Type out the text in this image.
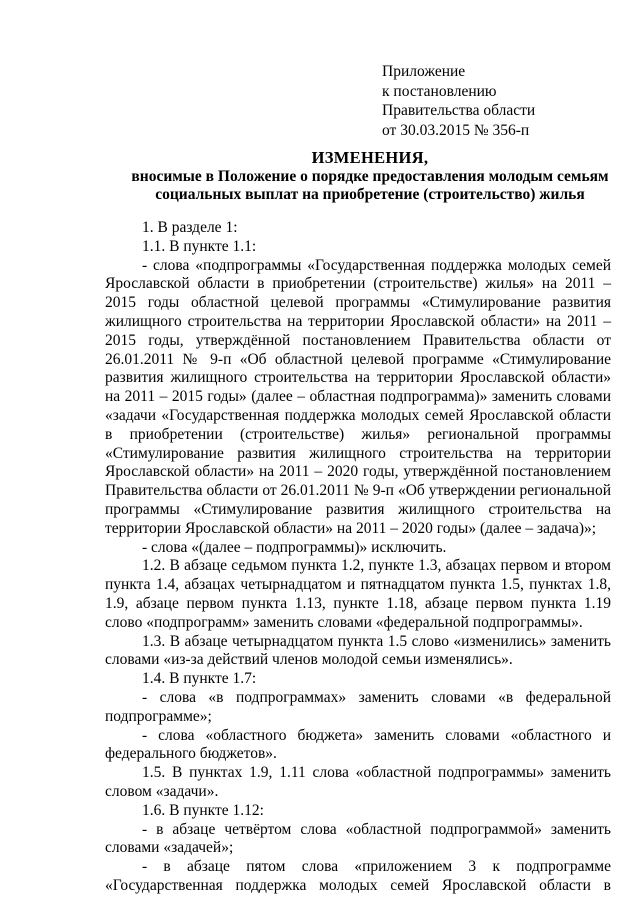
Приложение
к постановлению
Правительства области
от 30.03.2015 № 356-п
ИЗМЕНЕНИЯ,
вносимые в Положение о порядке предоставления молодым семьям
социальных выплат на приобретение (строительство) жилья

1. В разделе 1:

1.1. В пункте 1.1:

- слова «подпрограммы «Государственная поддержка молодых семей Ярославской области в приобретении (строительстве) жилья» на 2011 – 2015 годы областной целевой программы «Стимулирование развития жилищного строительства на территории Ярославской области» на 2011 – 2015 годы, утверждённой постановлением Правительства области от 26.01.2011 № 9-п «Об областной целевой программе «Стимулирование развития жилищного строительства на территории Ярославской области» на 2011 – 2015 годы» (далее – областная подпрограмма)» заменить словами «задачи «Государственная поддержка молодых семей Ярославской области в приобретении (строительстве) жилья» региональной программы «Стимулирование развития жилищного строительства на территории Ярославской области» на 2011 – 2020 годы, утверждённой постановлением Правительства области от 26.01.2011 № 9-п «Об утверждении региональной программы «Стимулирование развития жилищного строительства на территории Ярославской области» на 2011 – 2020 годы» (далее – задача)»;

- слова «(далее – подпрограммы)» исключить.

1.2. В абзаце седьмом пункта 1.2, пункте 1.3, абзацах первом и втором пункта 1.4, абзацах четырнадцатом и пятнадцатом пункта 1.5, пунктах 1.8, 1.9, абзаце первом пункта 1.13, пункте 1.18, абзаце первом пункта 1.19 слово «подпрограмм» заменить словами «федеральной подпрограммы».

1.3. В абзаце четырнадцатом пункта 1.5 слово «изменились» заменить словами «из-за действий членов молодой семьи изменялись».

1.4. В пункте 1.7:

- слова «в подпрограммах» заменить словами «в федеральной подпрограмме»;

- слова «областного бюджета» заменить словами «областного и федерального бюджетов».

1.5. В пунктах 1.9, 1.11 слова «областной подпрограммы» заменить словом «задачи».

1.6. В пункте 1.12:

- в абзаце четвёртом слова «областной подпрограммой» заменить словами «задачей»;

- в абзаце пятом слова «приложением 3 к подпрограмме «Государственная поддержка молодых семей Ярославской области в
